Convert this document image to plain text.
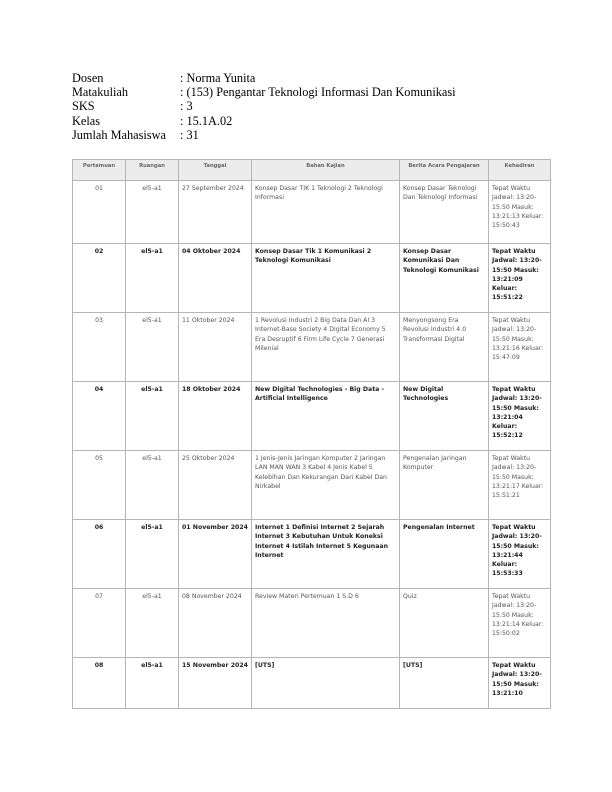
Dosen	: Norma Yunita
Matakuliah	: (153) Pengantar Teknologi Informasi Dan Komunikasi
SKS	: 3
Kelas	: 15.1A.02
Jumlah Mahasiswa	: 31
Pertemuan	Ruangan	Tanggal	Bahan Kajian	Berita Acara Pengajaran	Kehadiran
01	el5-a1	27 September 2024	Konsep Dasar TIK 1 Teknologi 2 Teknologi Informasi	Konsep Dasar Teknologi Dan Teknologi Informasi	Tepat Waktu Jadwal: 13:20-15:50 Masuk: 13:21:13 Keluar: 15:50:43
02	el5-a1	04 Oktober 2024	Konsep Dasar Tik 1 Komunikasi 2 Teknologi Komunikasi	Konsep Dasar Komunikasi Dan Teknologi Komunikasi	Tepat Waktu Jadwal: 13:20-15:50 Masuk: 13:21:09 Keluar: 15:51:22
03	el5-a1	11 Oktober 2024	1 Revolusi Industri 2 Big Data Dan AI 3 Internet-Base Society 4 Digital Economy 5 Era Desruptif 6 Firm Life Cycle 7 Generasi Milenial	Menyongsong Era Revolusi Industri 4.0 Transformasi Digital	Tepat Waktu Jadwal: 13:20-15:50 Masuk: 13:21:16 Keluar: 15:47:09
04	el5-a1	18 Oktober 2024	New Digital Technologies - Big Data - Artificial Intelligence	New Digital Technologies	Tepat Waktu Jadwal: 13:20-15:50 Masuk: 13:21:04 Keluar: 15:52:12
05	el5-a1	25 Oktober 2024	1 Jenis-Jenis Jaringan Komputer 2 Jaringan LAN MAN WAN 3 Kabel 4 Jenis Kabel 5 Kelebihan Dan Kekurangan Dari Kabel Dan Nirkabel	Pengenalan Jaringan Komputer	Tepat Waktu Jadwal: 13:20-15:50 Masuk: 13:21:17 Keluar: 15:51:21
06	el5-a1	01 November 2024	Internet 1 Definisi Internet 2 Sejarah Internet 3 Kebutuhan Untuk Koneksi Internet 4 Istilah Internet 5 Kegunaan Internet	Pengenalan Internet	Tepat Waktu Jadwal: 13:20-15:50 Masuk: 13:21:44 Keluar: 15:53:33
07	el5-a1	08 November 2024	Review Materi Pertemuan 1 S.D 6	Quiz	Tepat Waktu Jadwal: 13:20-15:50 Masuk: 13:21:14 Keluar: 15:50:02
08	el5-a1	15 November 2024	[UTS]	[UTS]	Tepat Waktu Jadwal: 13:20-15:50 Masuk: 13:21:10
